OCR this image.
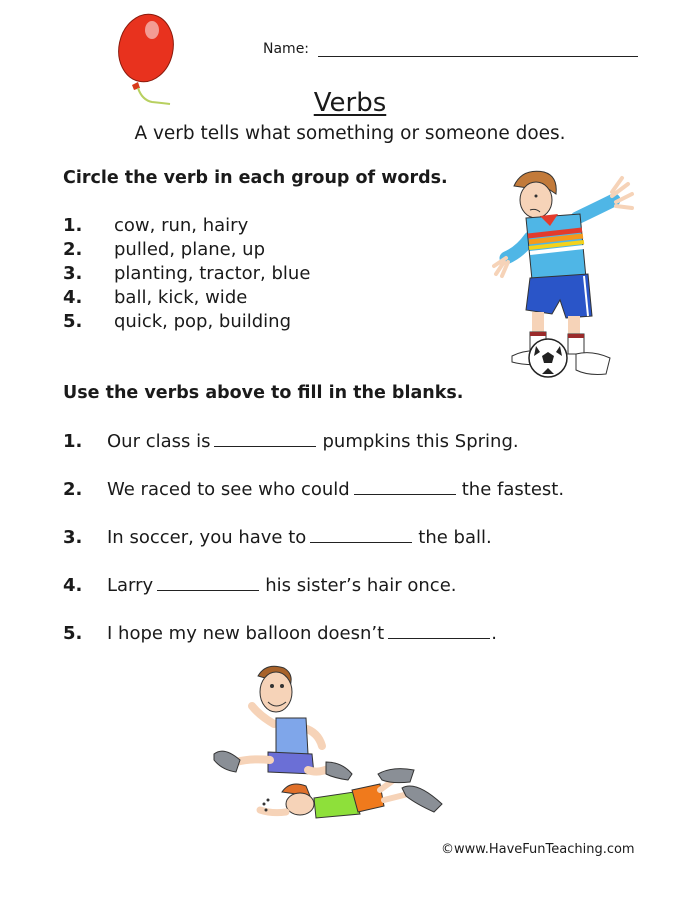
Name:
Verbs
A verb tells what something or someone does.
Circle the verb in each group of words.
1.	cow, run, hairy
2.	pulled, plane, up
3.	planting, tractor, blue
4.	ball, kick, wide
5.	quick, pop, building
Use the verbs above to fill in the blanks.
1.	Our class is	pumpkins this Spring.
2.	We raced to see who could	the fastest.
3.	In soccer, you have to	the ball.
4.	Larry	his sister’s hair once.
5.	I hope my new balloon doesn’t	.
©www.HaveFunTeaching.com
